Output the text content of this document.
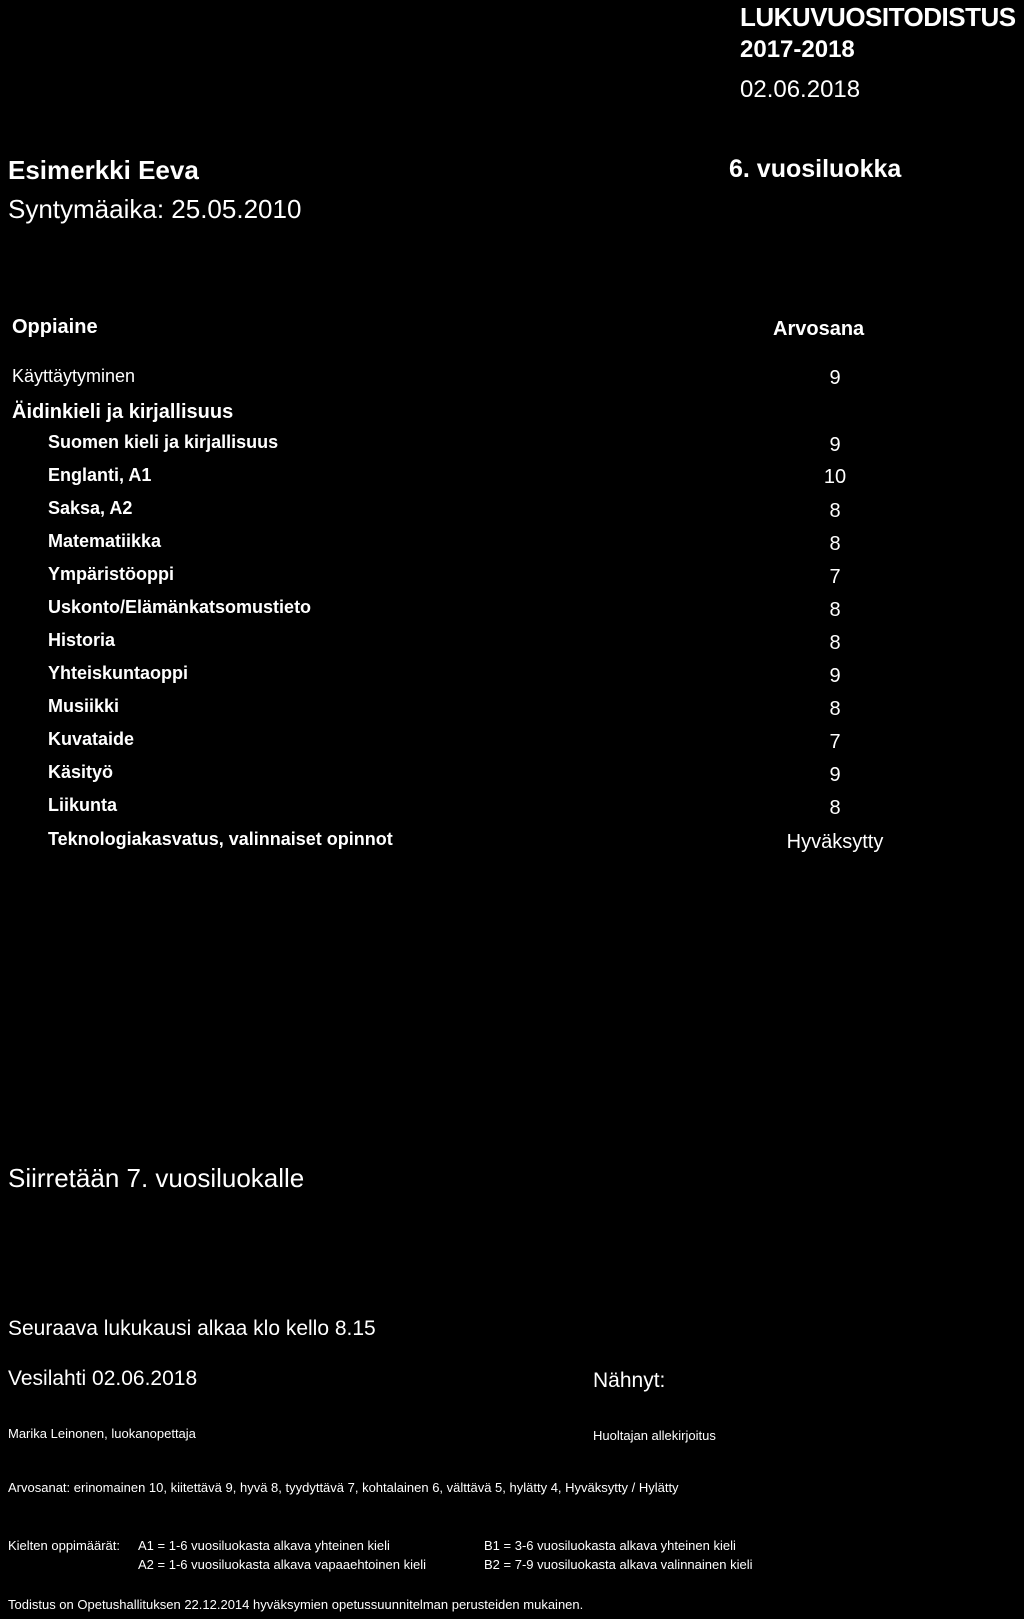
LUKUVUOSITODISTUS
2017-2018
02.06.2018
Esimerkki Eeva	6. vuosiluokka
Syntymäaika: 25.05.2010
Oppiaine	Arvosana
Käyttäytyminen	9
Äidinkieli ja kirjallisuus
Suomen kieli ja kirjallisuus	9
Englanti, A1	10
Saksa, A2	8
Matematiikka	8
Ympäristöoppi	7
Uskonto/Elämänkatsomustieto	8
Historia	8
Yhteiskuntaoppi	9
Musiikki	8
Kuvataide	7
Käsityö	9
Liikunta	8
Teknologiakasvatus, valinnaiset opinnot	Hyväksytty
Siirretään 7. vuosiluokalle
Seuraava lukukausi alkaa klo kello 8.15
Vesilahti 02.06.2018	Nähnyt:
Marika Leinonen, luokanopettaja	Huoltajan allekirjoitus
Arvosanat: erinomainen 10, kiitettävä 9, hyvä 8, tyydyttävä 7, kohtalainen 6, välttävä 5, hylätty 4, Hyväksytty / Hylätty
Kielten oppimäärät: A1 = 1-6 vuosiluokasta alkava yhteinen kieli
A2 = 1-6 vuosiluokasta alkava vapaaehtoinen kieli
B1 = 3-6 vuosiluokasta alkava yhteinen kieli
B2 = 7-9 vuosiluokasta alkava valinnainen kieli
Todistus on Opetushallituksen 22.12.2014 hyväksymien opetussuunnitelman perusteiden mukainen.
